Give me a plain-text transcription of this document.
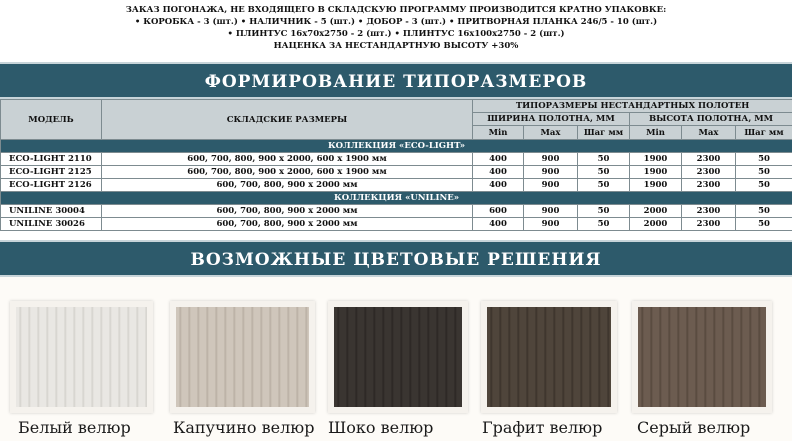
ЗАКАЗ ПОГОНАЖА, НЕ ВХОДЯЩЕГО В СКЛАДСКУЮ ПРОГРАММУ ПРОИЗВОДИТСЯ КРАТНО УПАКОВКЕ:
• КОРОБКА - 3 (шт.) • НАЛИЧНИК - 5 (шт.) • ДОБОР - 3 (шт.) • ПРИТВОРНАЯ ПЛАНКА 246/5 - 10 (шт.)
• ПЛИНТУС 16х70х2750 - 2 (шт.) • ПЛИНТУС 16х100х2750 - 2 (шт.)
НАЦЕНКА ЗА НЕСТАНДАРТНУЮ ВЫСОТУ +30%
ФОРМИРОВАНИЕ ТИПОРАЗМЕРОВ
МОДЕЛЬ	СКЛАДСКИЕ РАЗМЕРЫ	ТИПОРАЗМЕРЫ НЕСТАНДАРТНЫХ ПОЛОТЕН					
		ШИРИНА ПОЛОТНА, ММ			ВЫСОТА ПОЛОТНА, ММ		
		Min	Max	Шаг мм	Min	Max	Шаг мм
КОЛЛЕКЦИЯ «ECO-LIGHT»							
ECO-LIGHT 2110	600, 700, 800, 900 x 2000, 600 x 1900 мм	400	900	50	1900	2300	50
ECO-LIGHT 2125	600, 700, 800, 900 x 2000, 600 x 1900 мм	400	900	50	1900	2300	50
ECO-LIGHT 2126	600, 700, 800, 900 x 2000 мм	400	900	50	1900	2300	50
КОЛЛЕКЦИЯ «UNILINE»							
UNILINE 30004	600, 700, 800, 900 x 2000 мм	600	900	50	2000	2300	50
UNILINE 30026	600, 700, 800, 900 x 2000 мм	400	900	50	2000	2300	50
ВОЗМОЖНЫЕ ЦВЕТОВЫЕ РЕШЕНИЯ
Белый велюр	Капучино велюр Шоко велюр	Графит велюр Серый велюр
